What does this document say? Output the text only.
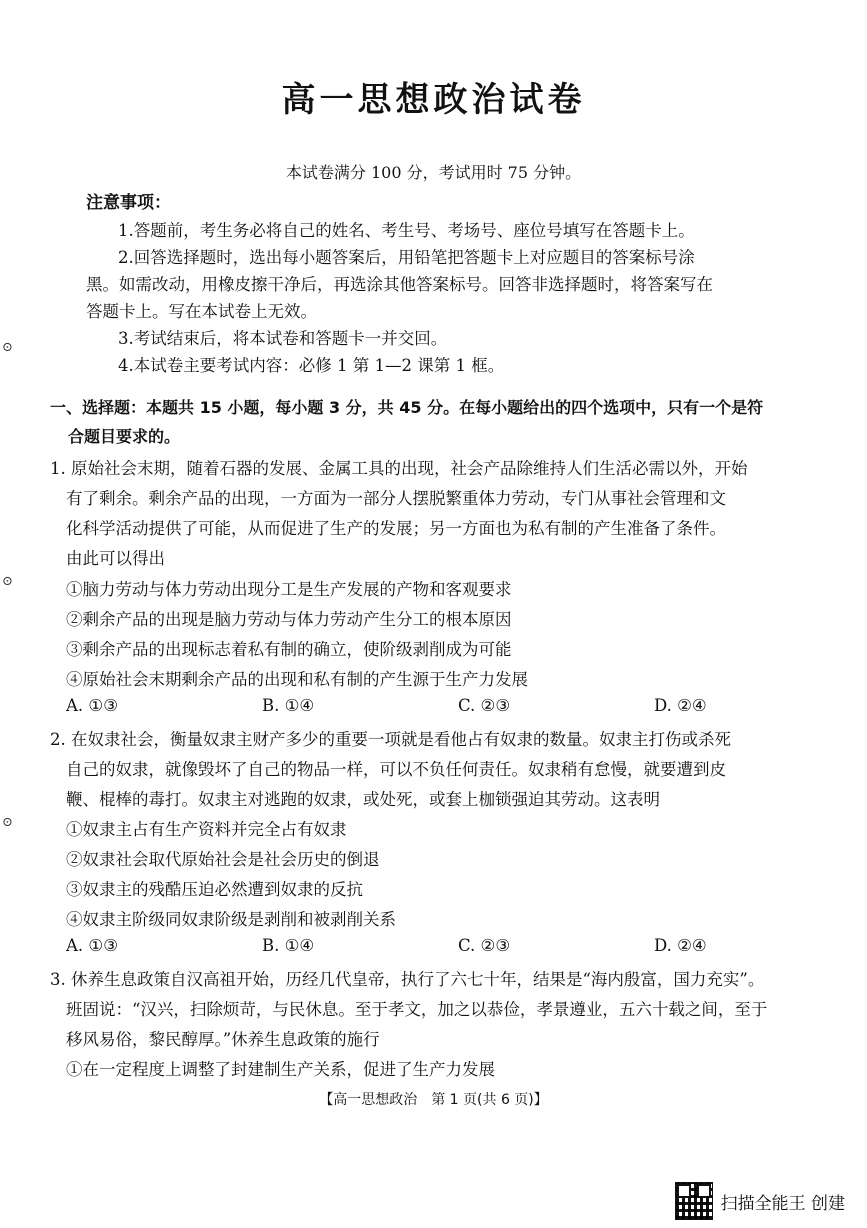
高一思想政治试卷
本试卷满分 100 分，考试用时 75 分钟。
注意事项：
1.答题前，考生务必将自己的姓名、考生号、考场号、座位号填写在答题卡上。
2.回答选择题时，选出每小题答案后，用铅笔把答题卡上对应题目的答案标号涂
黑。如需改动，用橡皮擦干净后，再选涂其他答案标号。回答非选择题时，将答案写在
答题卡上。写在本试卷上无效。
3.考试结束后，将本试卷和答题卡一并交回。
4.本试卷主要考试内容：必修 1 第 1—2 课第 1 框。
⊙
⊙
⊙
一、选择题：本题共 15 小题，每小题 3 分，共 45 分。在每小题给出的四个选项中，只有一个是符
合题目要求的。
1. 原始社会末期，随着石器的发展、金属工具的出现，社会产品除维持人们生活必需以外，开始
有了剩余。剩余产品的出现，一方面为一部分人摆脱繁重体力劳动，专门从事社会管理和文
化科学活动提供了可能，从而促进了生产的发展；另一方面也为私有制的产生准备了条件。
由此可以得出
①脑力劳动与体力劳动出现分工是生产发展的产物和客观要求
②剩余产品的出现是脑力劳动与体力劳动产生分工的根本原因
③剩余产品的出现标志着私有制的确立，使阶级剥削成为可能
④原始社会末期剩余产品的出现和私有制的产生源于生产力发展
A. ①③	B. ①④	C. ②③	D. ②④
2. 在奴隶社会，衡量奴隶主财产多少的重要一项就是看他占有奴隶的数量。奴隶主打伤或杀死
自己的奴隶，就像毁坏了自己的物品一样，可以不负任何责任。奴隶稍有怠慢，就要遭到皮
鞭、棍棒的毒打。奴隶主对逃跑的奴隶，或处死，或套上枷锁强迫其劳动。这表明
①奴隶主占有生产资料并完全占有奴隶
②奴隶社会取代原始社会是社会历史的倒退
③奴隶主的残酷压迫必然遭到奴隶的反抗
④奴隶主阶级同奴隶阶级是剥削和被剥削关系
A. ①③	B. ①④	C. ②③	D. ②④
3. 休养生息政策自汉高祖开始，历经几代皇帝，执行了六七十年，结果是“海内殷富，国力充实”。
班固说：“汉兴，扫除烦苛，与民休息。至于孝文，加之以恭俭，孝景遵业，五六十载之间，至于
移风易俗，黎民醇厚。”休养生息政策的施行
①在一定程度上调整了封建制生产关系，促进了生产力发展
【高一思想政治　第 1 页(共 6 页)】
扫描全能王 创建
